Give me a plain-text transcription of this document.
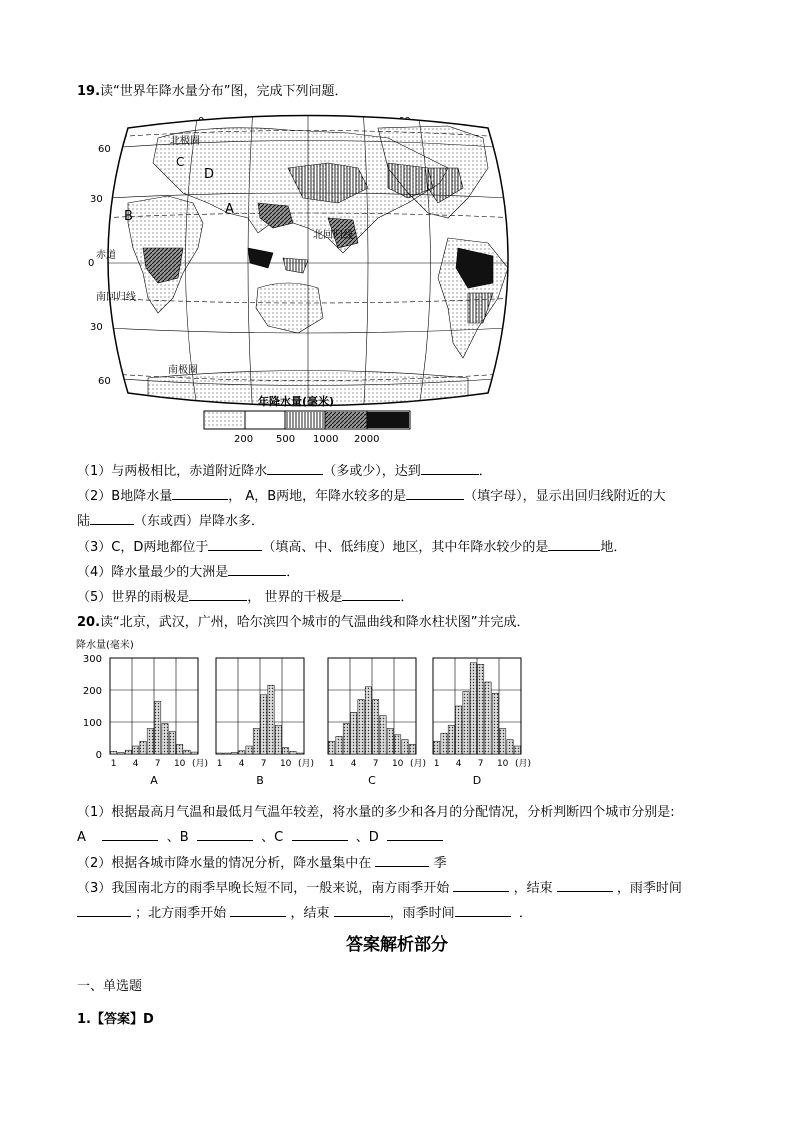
19.读“世界年降水量分布”图，完成下列问题．
60
30
0
30
60
D
A
B
C
北极圈
北回归线
赤道
南回归线
南极圈
年降水量(毫米)
200 500 1000 2000
（1）与两极相比，赤道附近降水	（多或少），达到	．
（2）B地降水量	， A，B两地，年降水较多的是	（填字母），显示出回归线附近的大
陆	（东或西）岸降水多．
（3）C，D两地都位于	（填高、中、低纬度）地区，其中年降水较少的是	地．
（4）降水量最少的大洲是	．
（5）世界的雨极是	， 世界的干极是	．
20.读“北京，武汉，广州，哈尔滨四个城市的气温曲线和降水柱状图”并完成．
降水量(毫米)
300
200
100
0
1 4 7 10 (月)
A
1 4 7 10 (月)
B
1 4 7 10 (月)
C
1 4 7 10 (月)
D
（1）根据最高月气温和最低月气温年较差，将水量的多少和各月的分配情况，分析判断四个城市分别是:
A	、B	、C	、D
（2）根据各城市降水量的情况分析，降水量集中在	季
（3）我国南北方的雨季早晚长短不同，一般来说，南方雨季开始	，结束	，雨季时间
；北方雨季开始	，结束	，雨季时间	．
答案解析部分
一、单选题
1.【答案】D
